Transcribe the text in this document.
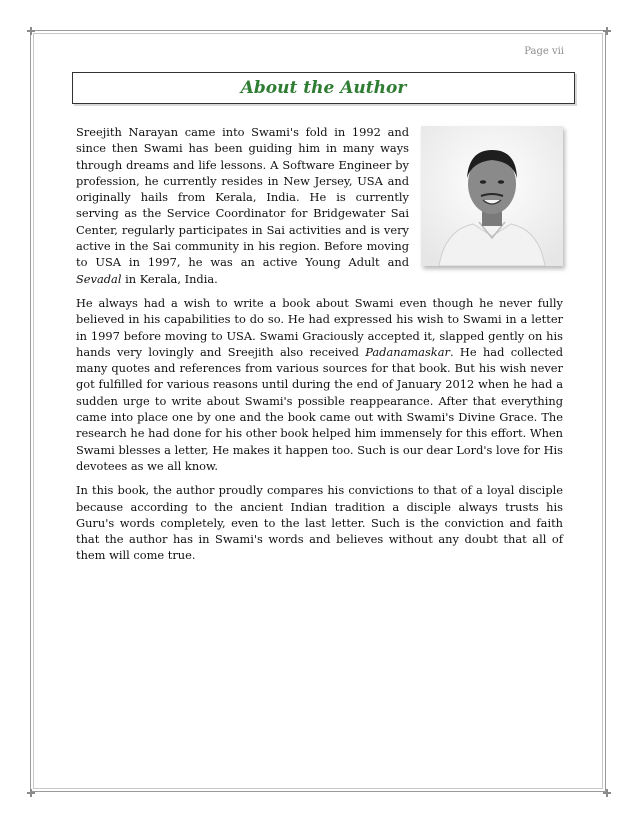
Page vii
About the Author

Sreejith Narayan came into Swami's fold in 1992 and since then Swami has been guiding him in many ways through dreams and life lessons. A Software Engineer by profession, he currently resides in New Jersey, USA and originally hails from Kerala, India. He is currently serving as the Service Coordinator for Bridgewater Sai Center, regularly participates in Sai activities and is very active in the Sai community in his region. Before moving to USA in 1997, he was an active Young Adult and Sevadal in Kerala, India.

He always had a wish to write a book about Swami even though he never fully believed in his capabilities to do so. He had expressed his wish to Swami in a letter in 1997 before moving to USA. Swami Graciously accepted it, slapped gently on his hands very lovingly and Sreejith also received Padanamaskar. He had collected many quotes and references from various sources for that book. But his wish never got fulfilled for various reasons until during the end of January 2012 when he had a sudden urge to write about Swami's possible reappearance. After that everything came into place one by one and the book came out with Swami's Divine Grace. The research he had done for his other book helped him immensely for this effort. When Swami blesses a letter, He makes it happen too. Such is our dear Lord's love for His devotees as we all know.

In this book, the author proudly compares his convictions to that of a loyal disciple because according to the ancient Indian tradition a disciple always trusts his Guru's words completely, even to the last letter. Such is the conviction and faith that the author has in Swami's words and believes without any doubt that all of them will come true.
